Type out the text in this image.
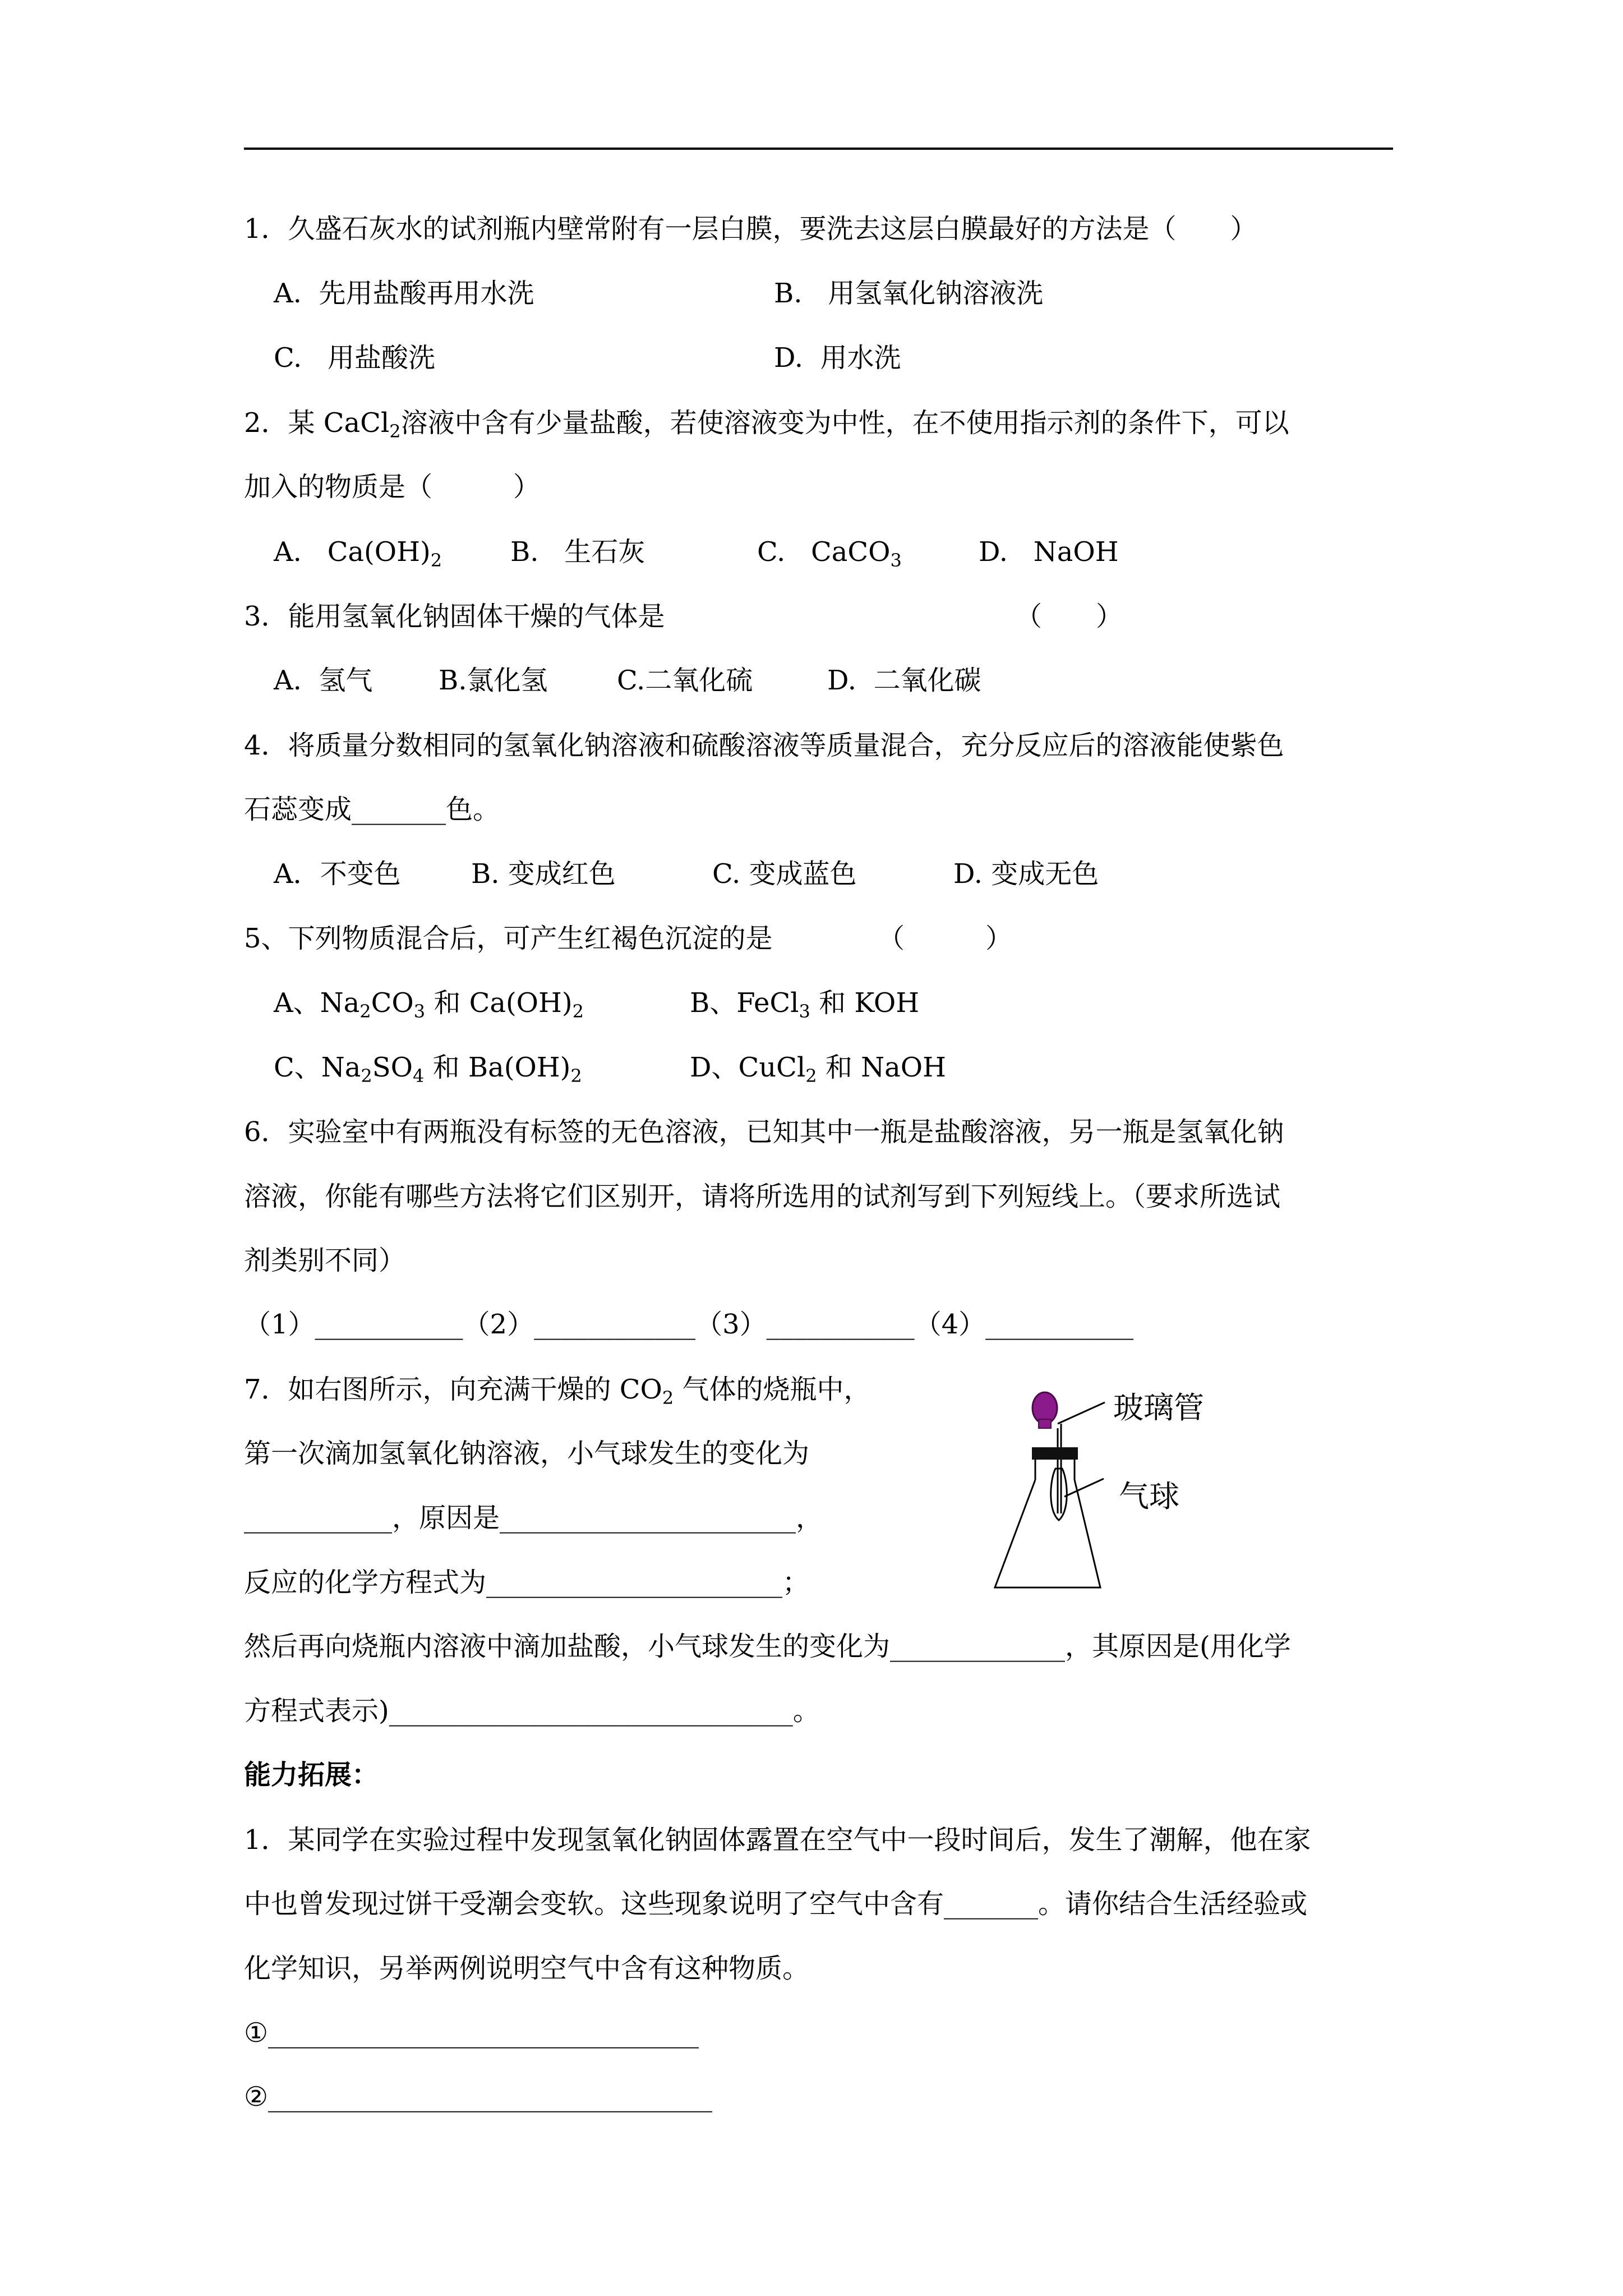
1．久盛石灰水的试剂瓶内壁常附有一层白膜，要洗去这层白膜最好的方法是（　　）
A.  先用盐酸再用水洗	B.   用氢氧化钠溶液洗
C.   用盐酸洗	D.  用水洗
2．某 CaCl$_2$溶液中含有少量盐酸，若使溶液变为中性，在不使用指示剂的条件下，可以
加入的物质是（　　　）
A.   $Ca(OH)_2$	B.   生石灰	C.   CaCO$_3$	D.   NaOH
3．能用氢氧化钠固体干燥的气体是	（　　）
A.  氢气 B.氯化氢	C.二氧化硫	D.  二氧化碳
4．将质量分数相同的氢氧化钠溶液和硫酸溶液等质量混合，充分反应后的溶液能使紫色
石蕊变成_______色。
A．不变色	B. 变成红色	C. 变成蓝色	D. 变成无色
5、下列物质混合后，可产生红褐色沉淀的是	（　　　）
A、$Na_2CO_3$ 和 $Ca(OH)_2$	B、FeCl$_3$ 和 KOH
C、$Na_2SO_4$ 和 $Ba(OH)_2$	D、CuCl$_2$ 和 NaOH
6．实验室中有两瓶没有标签的无色溶液，已知其中一瓶是盐酸溶液，另一瓶是氢氧化钠
溶液，你能有哪些方法将它们区别开，请将所选用的试剂写到下列短线上。（要求所选试
剂类别不同）
（1）___________（2）____________（3）___________（4）___________
7．如右图所示，向充满干燥的 $CO_2$ 气体的烧瓶中，
第一次滴加氢氧化钠溶液，小气球发生的变化为
___________，原因是______________________，
反应的化学方程式为______________________；
然后再向烧瓶内溶液中滴加盐酸，小气球发生的变化为_____________，其原因是(用化学
方程式表示)______________________________。
玻璃管
气球
能力拓展：
1．某同学在实验过程中发现氢氧化钠固体露置在空气中一段时间后，发生了潮解，他在家
中也曾发现过饼干受潮会变软。这些现象说明了空气中含有_______。请你结合生活经验或
化学知识，另举两例说明空气中含有这种物质。
①________________________________
②_________________________________
